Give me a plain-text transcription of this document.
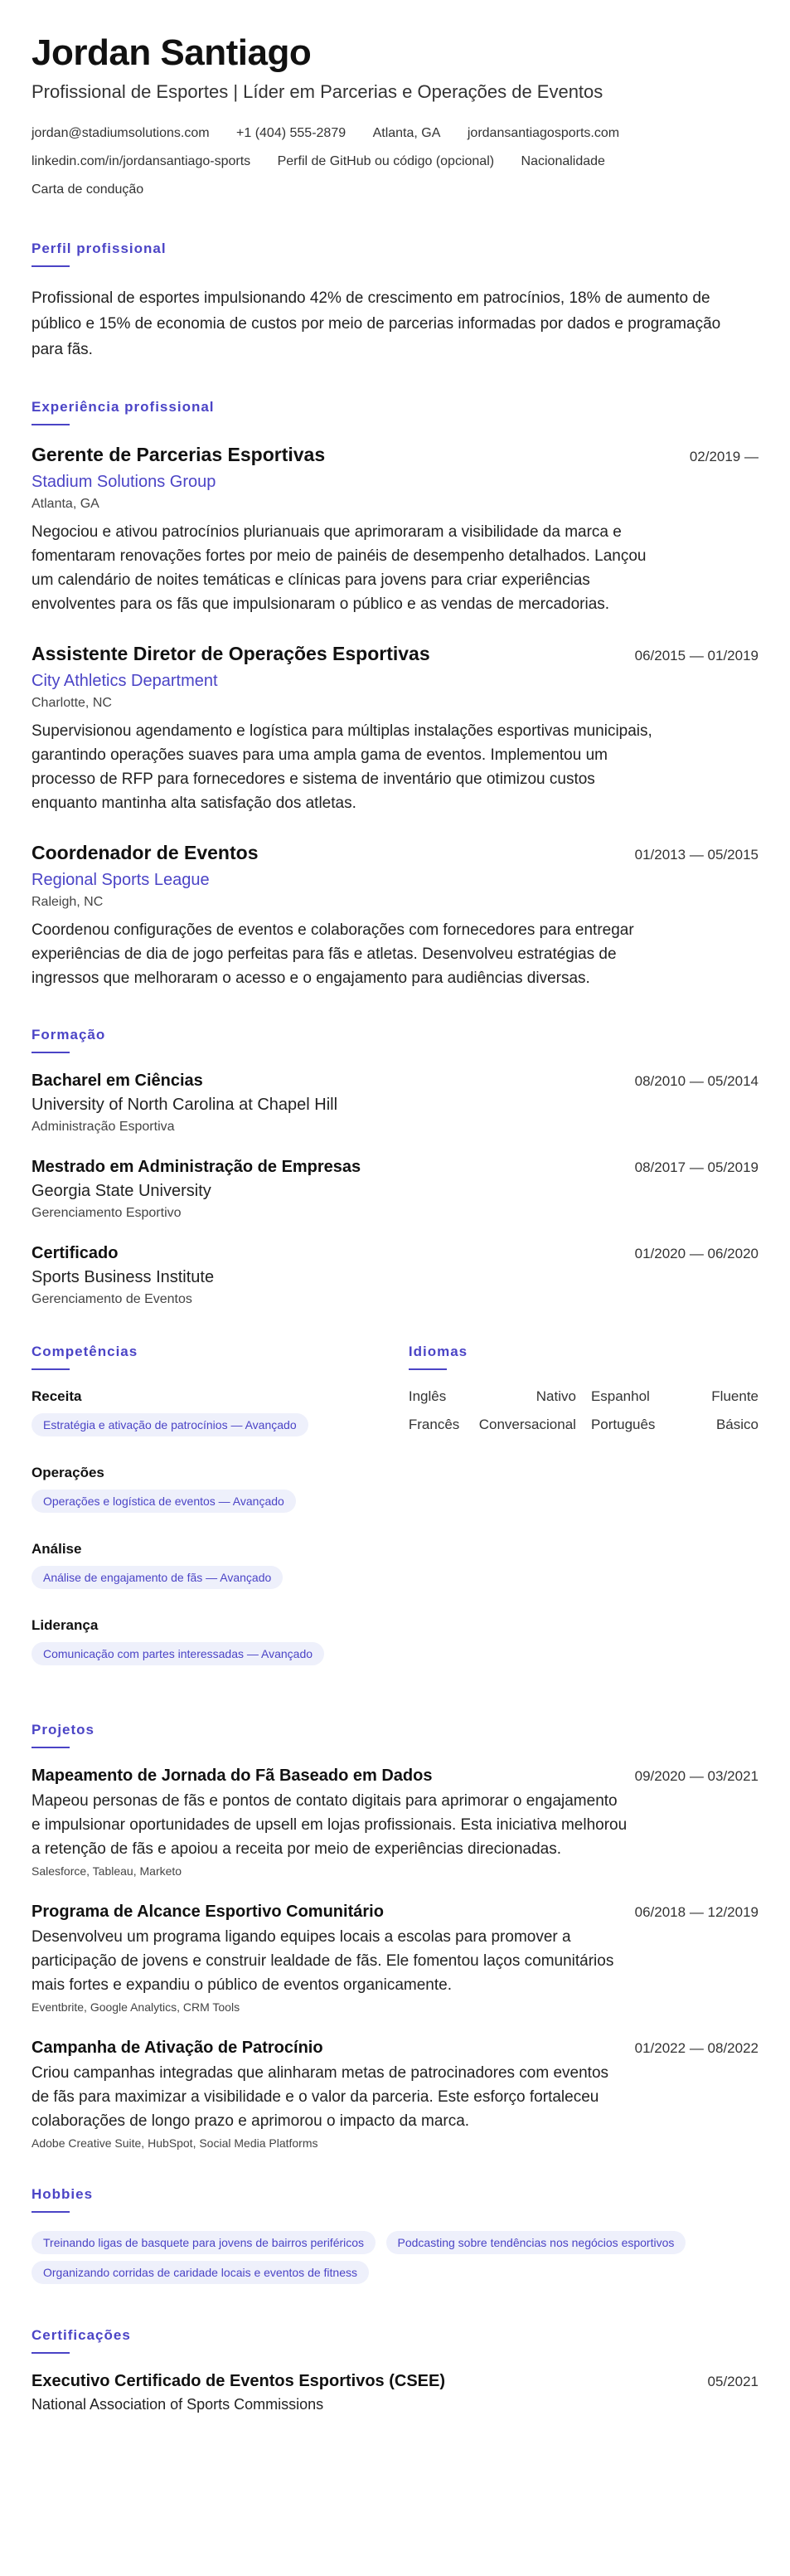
Jordan Santiago
Profissional de Esportes | Líder em Parcerias e Operações de Eventos
jordan@stadiumsolutions.com +1 (404) 555-2879 Atlanta, GA jordansantiagosports.com
linkedin.com/in/jordansantiago-sports Perfil de GitHub ou código (opcional) Nacionalidade
Carta de condução
Perfil profissional

Profissional de esportes impulsionando 42% de crescimento em patrocínios, 18% de aumento de público e 15% de economia de custos por meio de parcerias informadas por dados e programação para fãs.

Experiência profissional
Gerente de Parcerias Esportivas	02/2019 —
Stadium Solutions Group
Atlanta, GA

Negociou e ativou patrocínios plurianuais que aprimoraram a visibilidade da marca e fomentaram renovações fortes por meio de painéis de desempenho detalhados. Lançou um calendário de noites temáticas e clínicas para jovens para criar experiências envolventes para os fãs que impulsionaram o público e as vendas de mercadorias.

Assistente Diretor de Operações Esportivas	06/2015 — 01/2019
City Athletics Department
Charlotte, NC

Supervisionou agendamento e logística para múltiplas instalações esportivas municipais, garantindo operações suaves para uma ampla gama de eventos. Implementou um processo de RFP para fornecedores e sistema de inventário que otimizou custos enquanto mantinha alta satisfação dos atletas.

Coordenador de Eventos	01/2013 — 05/2015
Regional Sports League
Raleigh, NC

Coordenou configurações de eventos e colaborações com fornecedores para entregar experiências de dia de jogo perfeitas para fãs e atletas. Desenvolveu estratégias de ingressos que melhoraram o acesso e o engajamento para audiências diversas.

Formação
Bacharel em Ciências	08/2010 — 05/2014
University of North Carolina at Chapel Hill
Administração Esportiva
Mestrado em Administração de Empresas	08/2017 — 05/2019
Georgia State University
Gerenciamento Esportivo
Certificado	01/2020 — 06/2020
Sports Business Institute
Gerenciamento de Eventos
Competências
Receita
Estratégia e ativação de patrocínios — Avançado
Operações
Operações e logística de eventos — Avançado
Análise
Análise de engajamento de fãs — Avançado
Liderança
Comunicação com partes interessadas — Avançado
Idiomas
Inglês	Nativo Espanhol	Fluente
Francês Conversacional Português	Básico
Projetos
Mapeamento de Jornada do Fã Baseado em Dados	09/2020 — 03/2021

Mapeou personas de fãs e pontos de contato digitais para aprimorar o engajamento e impulsionar oportunidades de upsell em lojas profissionais. Esta iniciativa melhorou a retenção de fãs e apoiou a receita por meio de experiências direcionadas.

Salesforce, Tableau, Marketo
Programa de Alcance Esportivo Comunitário	06/2018 — 12/2019

Desenvolveu um programa ligando equipes locais a escolas para promover a participação de jovens e construir lealdade de fãs. Ele fomentou laços comunitários mais fortes e expandiu o público de eventos organicamente.

Eventbrite, Google Analytics, CRM Tools
Campanha de Ativação de Patrocínio	01/2022 — 08/2022

Criou campanhas integradas que alinharam metas de patrocinadores com eventos de fãs para maximizar a visibilidade e o valor da parceria. Este esforço fortaleceu colaborações de longo prazo e aprimorou o impacto da marca.

Adobe Creative Suite, HubSpot, Social Media Platforms
Hobbies
Treinando ligas de basquete para jovens de bairros periféricos	Podcasting sobre tendências nos negócios esportivos Organizando corridas de caridade locais e eventos de fitness
Certificações
Executivo Certificado de Eventos Esportivos (CSEE)	05/2021
National Association of Sports Commissions
